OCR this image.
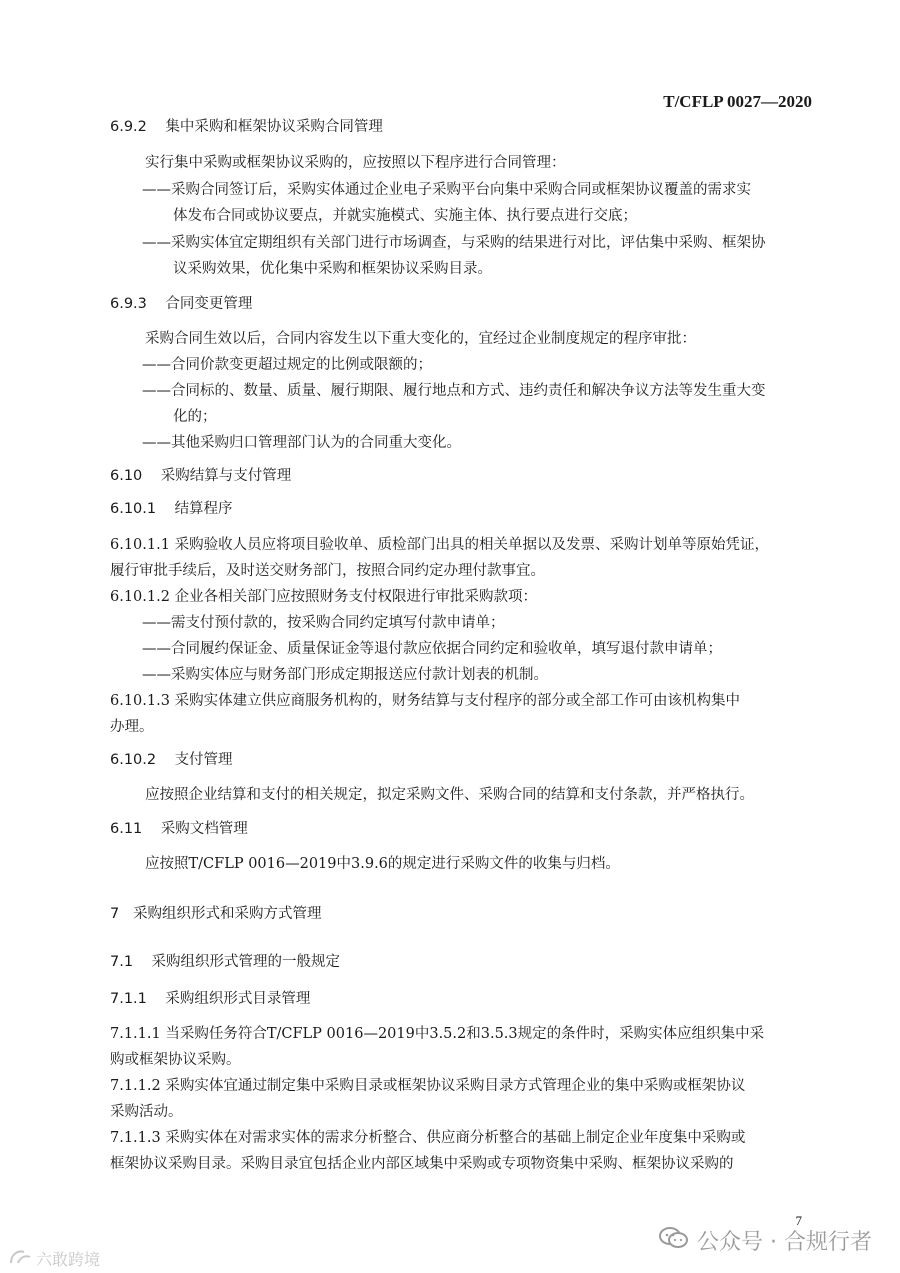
T/CFLP 0027—2020
6.9.2 集中采购和框架协议采购合同管理
实行集中采购或框架协议采购的，应按照以下程序进行合同管理：
——采购合同签订后，采购实体通过企业电子采购平台向集中采购合同或框架协议覆盖的需求实
体发布合同或协议要点，并就实施模式、实施主体、执行要点进行交底；
——采购实体宜定期组织有关部门进行市场调查，与采购的结果进行对比，评估集中采购、框架协
议采购效果，优化集中采购和框架协议采购目录。
6.9.3 合同变更管理
采购合同生效以后，合同内容发生以下重大变化的，宜经过企业制度规定的程序审批：
——合同价款变更超过规定的比例或限额的；
——合同标的、数量、质量、履行期限、履行地点和方式、违约责任和解决争议方法等发生重大变
化的；
——其他采购归口管理部门认为的合同重大变化。
6.10 采购结算与支付管理
6.10.1 结算程序
6.10.1.1 采购验收人员应将项目验收单、质检部门出具的相关单据以及发票、采购计划单等原始凭证，
履行审批手续后，及时送交财务部门，按照合同约定办理付款事宜。
6.10.1.2 企业各相关部门应按照财务支付权限进行审批采购款项：
——需支付预付款的，按采购合同约定填写付款申请单；
——合同履约保证金、质量保证金等退付款应依据合同约定和验收单，填写退付款申请单；
——采购实体应与财务部门形成定期报送应付款计划表的机制。
6.10.1.3 采购实体建立供应商服务机构的，财务结算与支付程序的部分或全部工作可由该机构集中
办理。
6.10.2 支付管理
应按照企业结算和支付的相关规定，拟定采购文件、采购合同的结算和支付条款，并严格执行。
6.11 采购文档管理
应按照T/CFLP 0016—2019中3.9.6的规定进行采购文件的收集与归档。
7 采购组织形式和采购方式管理
7.1 采购组织形式管理的一般规定
7.1.1 采购组织形式目录管理
7.1.1.1 当采购任务符合T/CFLP 0016—2019中3.5.2和3.5.3规定的条件时，采购实体应组织集中采
购或框架协议采购。
7.1.1.2 采购实体宜通过制定集中采购目录或框架协议采购目录方式管理企业的集中采购或框架协议
采购活动。
7.1.1.3 采购实体在对需求实体的需求分析整合、供应商分析整合的基础上制定企业年度集中采购或
框架协议采购目录。采购目录宜包括企业内部区域集中采购或专项物资集中采购、框架协议采购的
7
公众号 · 合规行者
六敢跨境
